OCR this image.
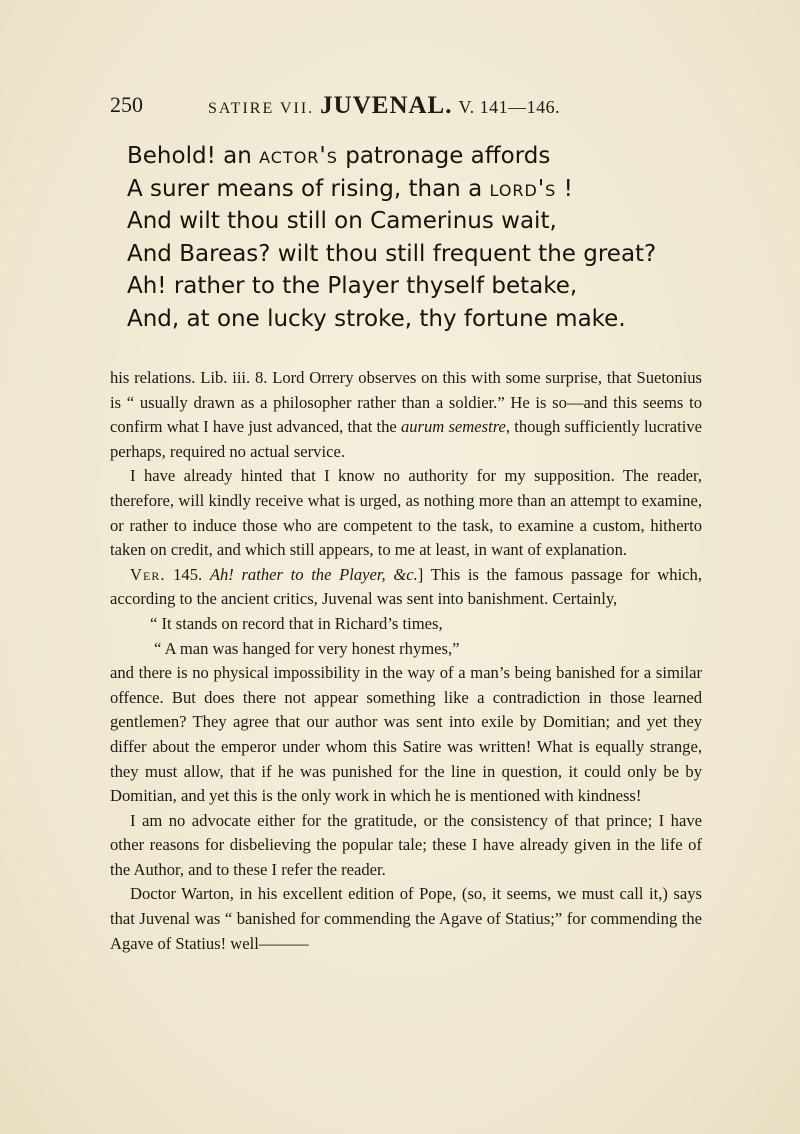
250	SATIRE VII. JUVENAL. V. 141—146.
Behold! an actor's patronage affords
A surer means of rising, than a lord's !
And wilt thou still on Camerinus wait,
And Bareas? wilt thou still frequent the great?
Ah! rather to the Player thyself betake,
And, at one lucky stroke, thy fortune make.

his relations. Lib. iii. 8. Lord Orrery observes on this with some surprise, that Suetonius is “ usually drawn as a philosopher rather than a soldier.” He is so—and this seems to confirm what I have just advanced, that the aurum semestre, though sufficiently lucrative perhaps, required no actual service.

I have already hinted that I know no authority for my supposition. The reader, therefore, will kindly receive what is urged, as nothing more than an attempt to examine, or rather to induce those who are competent to the task, to examine a custom, hitherto taken on credit, and which still appears, to me at least, in want of explanation.

Ver. 145. Ah! rather to the Player, &c.] This is the famous passage for which, according to the ancient critics, Juvenal was sent into banishment. Certainly,

“ It stands on record that in Richard’s times,

“ A man was hanged for very honest rhymes,”

and there is no physical impossibility in the way of a man’s being banished for a similar offence. But does there not appear something like a contradiction in those learned gentlemen? They agree that our author was sent into exile by Domitian; and yet they differ about the emperor under whom this Satire was written! What is equally strange, they must allow, that if he was punished for the line in question, it could only be by Domitian, and yet this is the only work in which he is mentioned with kindness!

I am no advocate either for the gratitude, or the consistency of that prince; I have other reasons for disbelieving the popular tale; these I have already given in the life of the Author, and to these I refer the reader.

Doctor Warton, in his excellent edition of Pope, (so, it seems, we must call it,) says that Juvenal was “ banished for commending the Agave of Statius;” for commending the Agave of Statius! well———
